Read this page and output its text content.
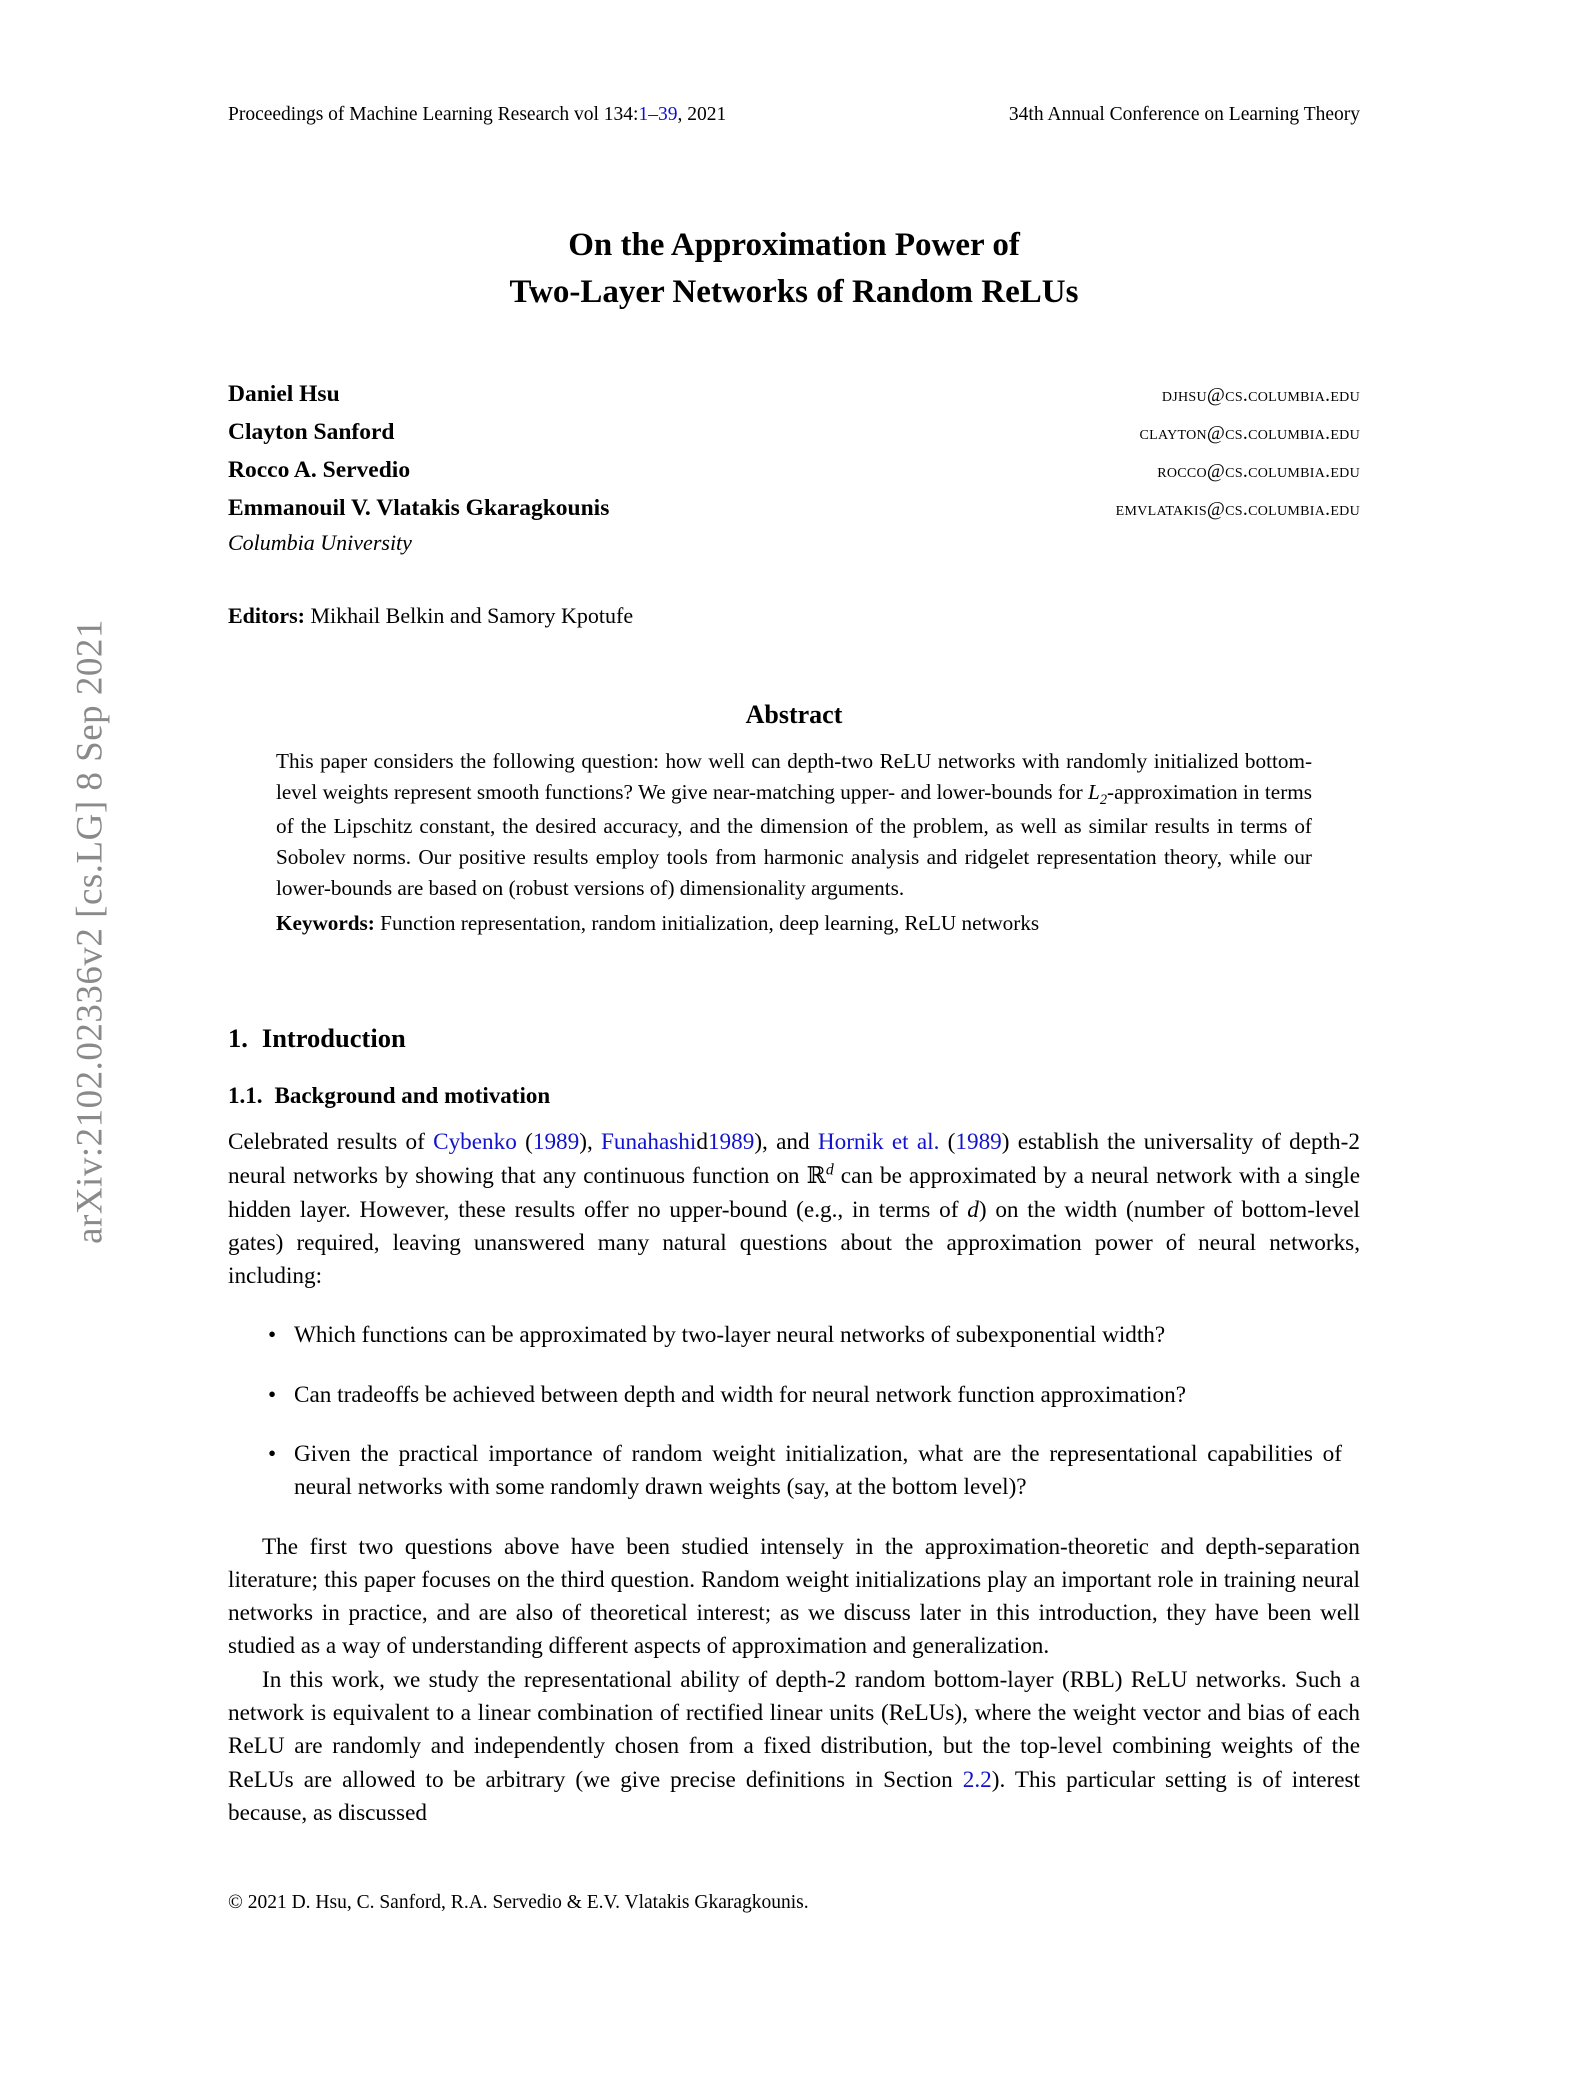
arXiv:2102.02336v2 [cs.LG] 8 Sep 2021
Proceedings of Machine Learning Research vol 134:1–39, 2021	34th Annual Conference on Learning Theory
On the Approximation Power of
Two-Layer Networks of Random ReLUs
Daniel Hsu	djhsu@cs.columbia.edu
Clayton Sanford	clayton@cs.columbia.edu
Rocco A. Servedio	rocco@cs.columbia.edu
Emmanouil V. Vlatakis Gkaragkounis	emvlatakis@cs.columbia.edu
Columbia University
Editors: Mikhail Belkin and Samory Kpotufe
Abstract
This paper considers the following question: how well can depth-two ReLU networks with randomly initialized bottom-level weights represent smooth functions? We give near-matching upper- and lower-bounds for $L_2$-approximation in terms of the Lipschitz constant, the desired accuracy, and the dimension of the problem, as well as similar results in terms of Sobolev norms. Our positive results employ tools from harmonic analysis and ridgelet representation theory, while our lower-bounds are based on (robust versions of) dimensionality arguments.
Keywords: Function representation, random initialization, deep learning, ReLU networks
1. Introduction
1.1. Background and motivation

Celebrated results of Cybenko (1989), Funahashid1989), and Hornik et al. (1989) establish the universality of depth-2 neural networks by showing that any continuous function on ℝ$^d$ can be approximated by a neural network with a single hidden layer. However, these results offer no upper-bound (e.g., in terms of d) on the width (number of bottom-level gates) required, leaving unanswered many natural questions about the approximation power of neural networks, including:

• Which functions can be approximated by two-layer neural networks of subexponential width?
• Can tradeoffs be achieved between depth and width for neural network function approximation?
• Given the practical importance of random weight initialization, what are the representational capabilities of neural networks with some randomly drawn weights (say, at the bottom level)?

The first two questions above have been studied intensely in the approximation-theoretic and depth-separation literature; this paper focuses on the third question. Random weight initializations play an important role in training neural networks in practice, and are also of theoretical interest; as we discuss later in this introduction, they have been well studied as a way of understanding different aspects of approximation and generalization.

In this work, we study the representational ability of depth-2 random bottom-layer (RBL) ReLU networks. Such a network is equivalent to a linear combination of rectified linear units (ReLUs), where the weight vector and bias of each ReLU are randomly and independently chosen from a fixed distribution, but the top-level combining weights of the ReLUs are allowed to be arbitrary (we give precise definitions in Section 2.2). This particular setting is of interest because, as discussed

© 2021 D. Hsu, C. Sanford, R.A. Servedio & E.V. Vlatakis Gkaragkounis.
